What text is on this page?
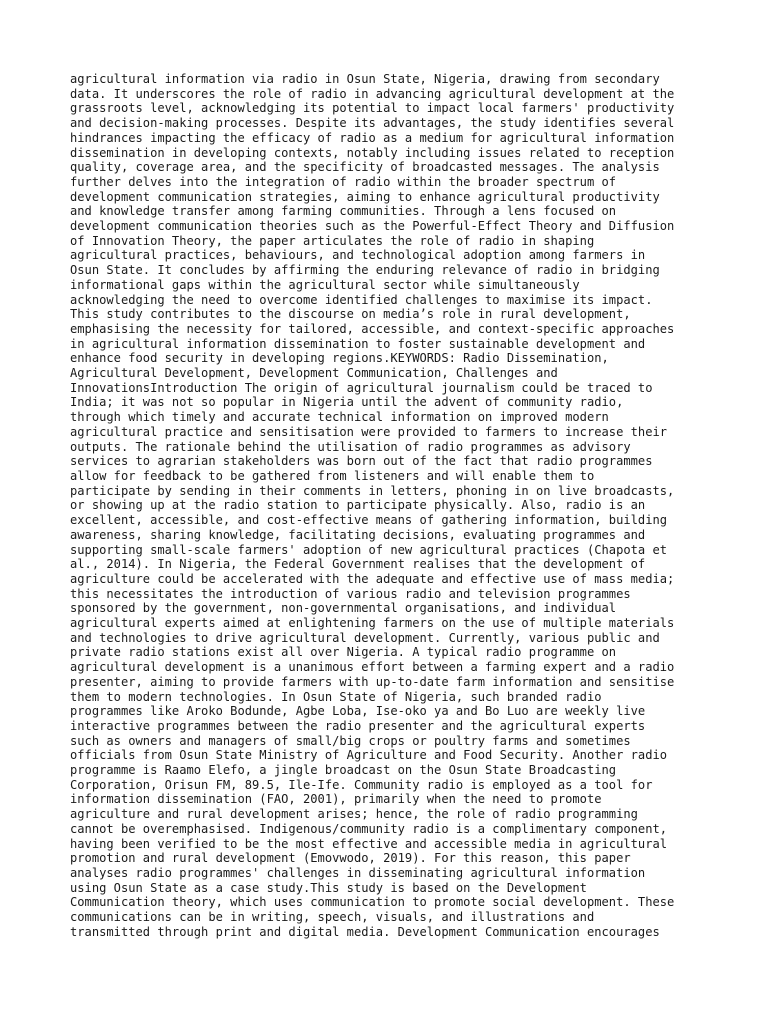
agricultural information via radio in Osun State, Nigeria, drawing from secondary
data. It underscores the role of radio in advancing agricultural development at the
grassroots level, acknowledging its potential to impact local farmers' productivity
and decision-making processes. Despite its advantages, the study identifies several
hindrances impacting the efficacy of radio as a medium for agricultural information
dissemination in developing contexts, notably including issues related to reception
quality, coverage area, and the specificity of broadcasted messages. The analysis
further delves into the integration of radio within the broader spectrum of
development communication strategies, aiming to enhance agricultural productivity
and knowledge transfer among farming communities. Through a lens focused on
development communication theories such as the Powerful-Effect Theory and Diffusion
of Innovation Theory, the paper articulates the role of radio in shaping
agricultural practices, behaviours, and technological adoption among farmers in
Osun State. It concludes by affirming the enduring relevance of radio in bridging
informational gaps within the agricultural sector while simultaneously
acknowledging the need to overcome identified challenges to maximise its impact.
This study contributes to the discourse on media’s role in rural development,
emphasising the necessity for tailored, accessible, and context-specific approaches
in agricultural information dissemination to foster sustainable development and
enhance food security in developing regions.KEYWORDS: Radio Dissemination,
Agricultural Development, Development Communication, Challenges and
InnovationsIntroduction The origin of agricultural journalism could be traced to
India; it was not so popular in Nigeria until the advent of community radio,
through which timely and accurate technical information on improved modern
agricultural practice and sensitisation were provided to farmers to increase their
outputs. The rationale behind the utilisation of radio programmes as advisory
services to agrarian stakeholders was born out of the fact that radio programmes
allow for feedback to be gathered from listeners and will enable them to
participate by sending in their comments in letters, phoning in on live broadcasts,
or showing up at the radio station to participate physically. Also, radio is an
excellent, accessible, and cost-effective means of gathering information, building
awareness, sharing knowledge, facilitating decisions, evaluating programmes and
supporting small-scale farmers' adoption of new agricultural practices (Chapota et
al., 2014). In Nigeria, the Federal Government realises that the development of
agriculture could be accelerated with the adequate and effective use of mass media;
this necessitates the introduction of various radio and television programmes
sponsored by the government, non-governmental organisations, and individual
agricultural experts aimed at enlightening farmers on the use of multiple materials
and technologies to drive agricultural development. Currently, various public and
private radio stations exist all over Nigeria. A typical radio programme on
agricultural development is a unanimous effort between a farming expert and a radio
presenter, aiming to provide farmers with up-to-date farm information and sensitise
them to modern technologies. In Osun State of Nigeria, such branded radio
programmes like Aroko Bodunde, Agbe Loba, Ise-oko ya and Bo Luo are weekly live
interactive programmes between the radio presenter and the agricultural experts
such as owners and managers of small/big crops or poultry farms and sometimes
officials from Osun State Ministry of Agriculture and Food Security. Another radio
programme is Raamo Elefo, a jingle broadcast on the Osun State Broadcasting
Corporation, Orisun FM, 89.5, Ile-Ife. Community radio is employed as a tool for
information dissemination (FAO, 2001), primarily when the need to promote
agriculture and rural development arises; hence, the role of radio programming
cannot be overemphasised. Indigenous/community radio is a complimentary component,
having been verified to be the most effective and accessible media in agricultural
promotion and rural development (Emovwodo, 2019). For this reason, this paper
analyses radio programmes' challenges in disseminating agricultural information
using Osun State as a case study.This study is based on the Development
Communication theory, which uses communication to promote social development. These
communications can be in writing, speech, visuals, and illustrations and
transmitted through print and digital media. Development Communication encourages
